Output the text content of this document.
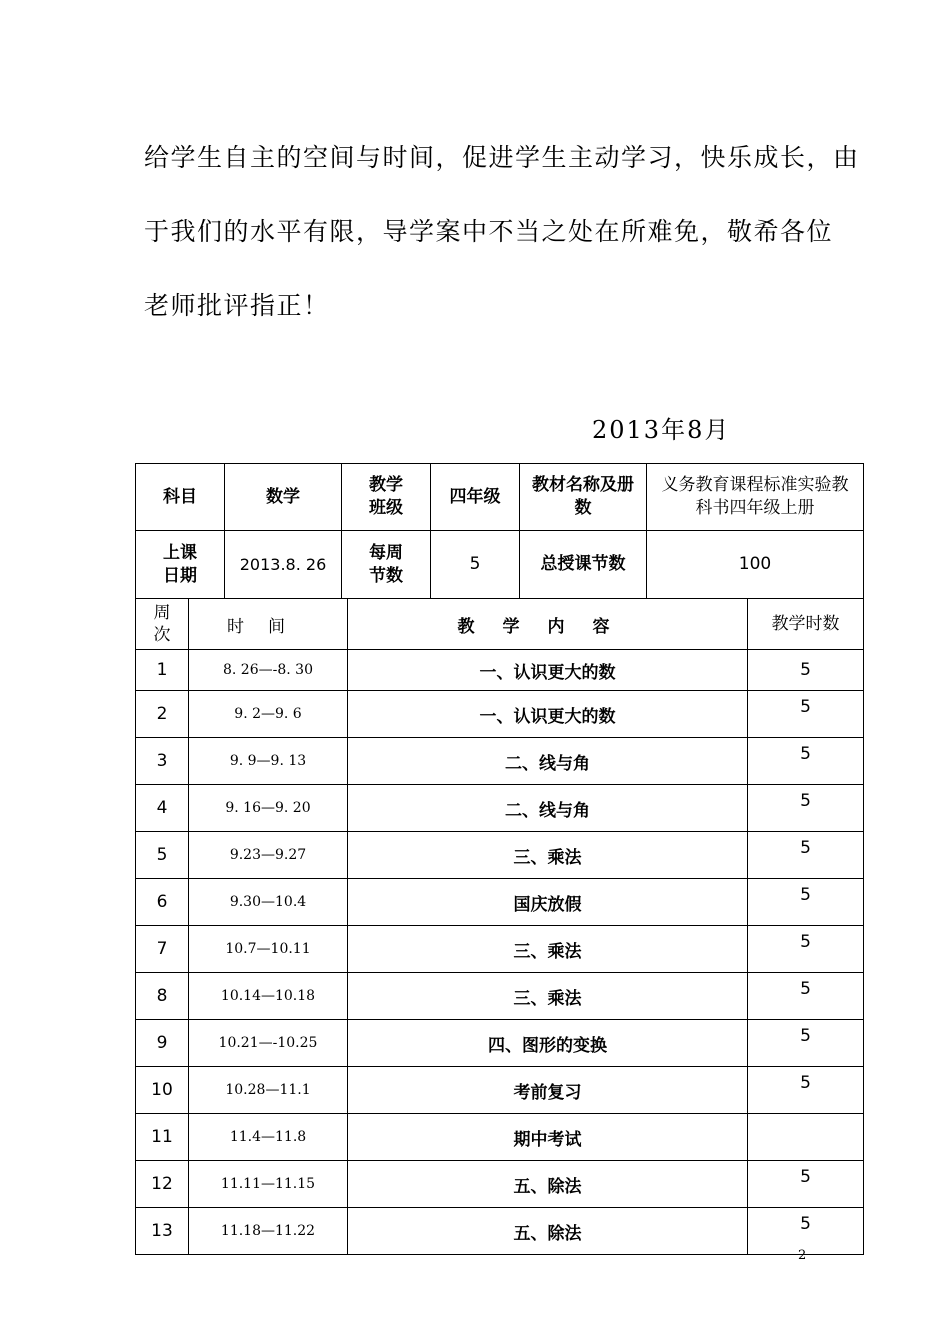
给学生自主的空间与时间，促进学生主动学习，快乐成长，由
于我们的水平有限，导学案中不当之处在所难免，敬希各位
老师批评指正！
2013年8月
科目	数学	教学班级	四年级	教材名称及册数	义务教育课程标准实验教科书四年级上册

上课日期	2013.8. 26	每周节数	5	总授课节数	100
周次	时间	教学内容	教学时数
1	8. 26—-8. 30	一、认识更大的数	5
2	9. 2—9. 6	一、认识更大的数	5
3	9. 9—9. 13	二、线与角	5
4	9. 16—9. 20	二、线与角	5
5	9.23—9.27	三、乘法	5
6	9.30—10.4	国庆放假	5
7	10.7—10.11	三、乘法	5
8	10.14—10.18	三、乘法	5
9	10.21—-10.25	四、图形的变换	5
10	10.28—11.1	考前复习	5
11	11.4—11.8	期中考试	
12	11.11—11.15	五、除法	5
13	11.18—11.22	五、除法	5
2
